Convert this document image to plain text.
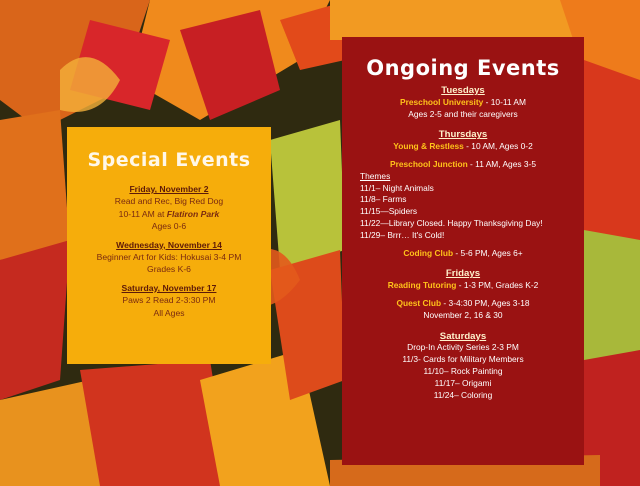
Special Events
Friday, November 2
Read and Rec, Big Red Dog
10-11 AM at Flatiron Park
Ages 0-6
Wednesday, November 14
Beginner Art for Kids: Hokusai 3-4 PM
Grades K-6
Saturday, November 17
Paws 2 Read 2-3:30 PM
All Ages
Ongoing Events
Tuesdays
Preschool University - 10-11 AM
Ages 2-5 and their caregivers
Thursdays
Young & Restless - 10 AM, Ages 0-2
Preschool Junction - 11 AM, Ages 3-5
Themes
11/1– Night Animals
11/8– Farms
11/15—Spiders
11/22—Library Closed. Happy Thanksgiving Day!
11/29– Brrr… It's Cold!
Coding Club - 5-6 PM, Ages 6+
Fridays
Reading Tutoring - 1-3 PM, Grades K-2
Quest Club - 3-4:30 PM, Ages 3-18
November 2, 16 & 30
Saturdays
Drop-In Activity Series 2-3 PM
11/3- Cards for Military Members
11/10– Rock Painting
11/17– Origami
11/24– Coloring
